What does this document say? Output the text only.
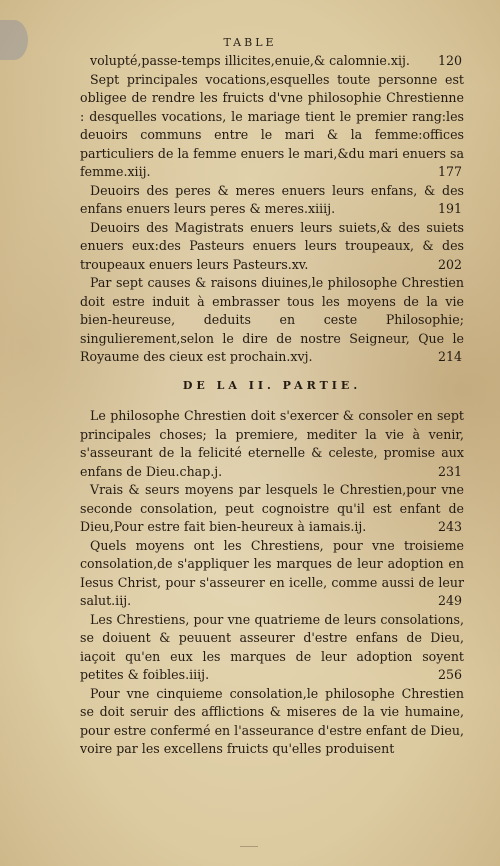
TABLE
volupté,passe-temps illicites,enuie,& calomnie.xij.	120
Sept principales vocations,esquelles toute personne est obligee de rendre les fruicts d'vne philosophie Chrestienne : desquelles vocations, le mariage tient le premier rang:les deuoirs communs entre le mari & la femme:offices particuliers de la femme enuers le mari,&du mari enuers sa femme.xiij.	177
Deuoirs des peres & meres enuers leurs enfans, & des enfans enuers leurs peres & meres.xiiij.	191
Deuoirs des Magistrats enuers leurs suiets,& des suiets enuers eux:des Pasteurs enuers leurs troupeaux, & des troupeaux enuers leurs Pasteurs.xv.	202
Par sept causes & raisons diuines,le philosophe Chrestien doit estre induit à embrasser tous les moyens de la vie bien-heureuse, deduits en ceste Philosophie; singulierement,selon le dire de nostre Seigneur, Que le Royaume des cieux est prochain.xvj.	214
DE LA II. PARTIE.
Le philosophe Chrestien doit s'exercer & consoler en sept principales choses; la premiere, mediter la vie à venir, s'asseurant de la felicité eternelle & celeste, promise aux enfans de Dieu.chap.j.	231
Vrais & seurs moyens par lesquels le Chrestien,pour vne seconde consolation, peut cognoistre qu'il est enfant de Dieu,Pour estre fait bien-heureux à iamais.ij.	243
Quels moyens ont les Chrestiens, pour vne troisieme consolation,de s'appliquer les marques de leur adoption en Iesus Christ, pour s'asseurer en icelle, comme aussi de leur salut.iij.	249
Les Chrestiens, pour vne quatrieme de leurs consolations, se doiuent & peuuent asseurer d'estre enfans de Dieu, iaçoit qu'en eux les marques de leur adoption soyent petites & foibles.iiij.	256
Pour vne cinquieme consolation,le philosophe Chrestien se doit seruir des afflictions & miseres de la vie humaine, pour estre confermé en l'asseurance d'estre enfant de Dieu, voire par les excellens fruicts qu'elles produisent
